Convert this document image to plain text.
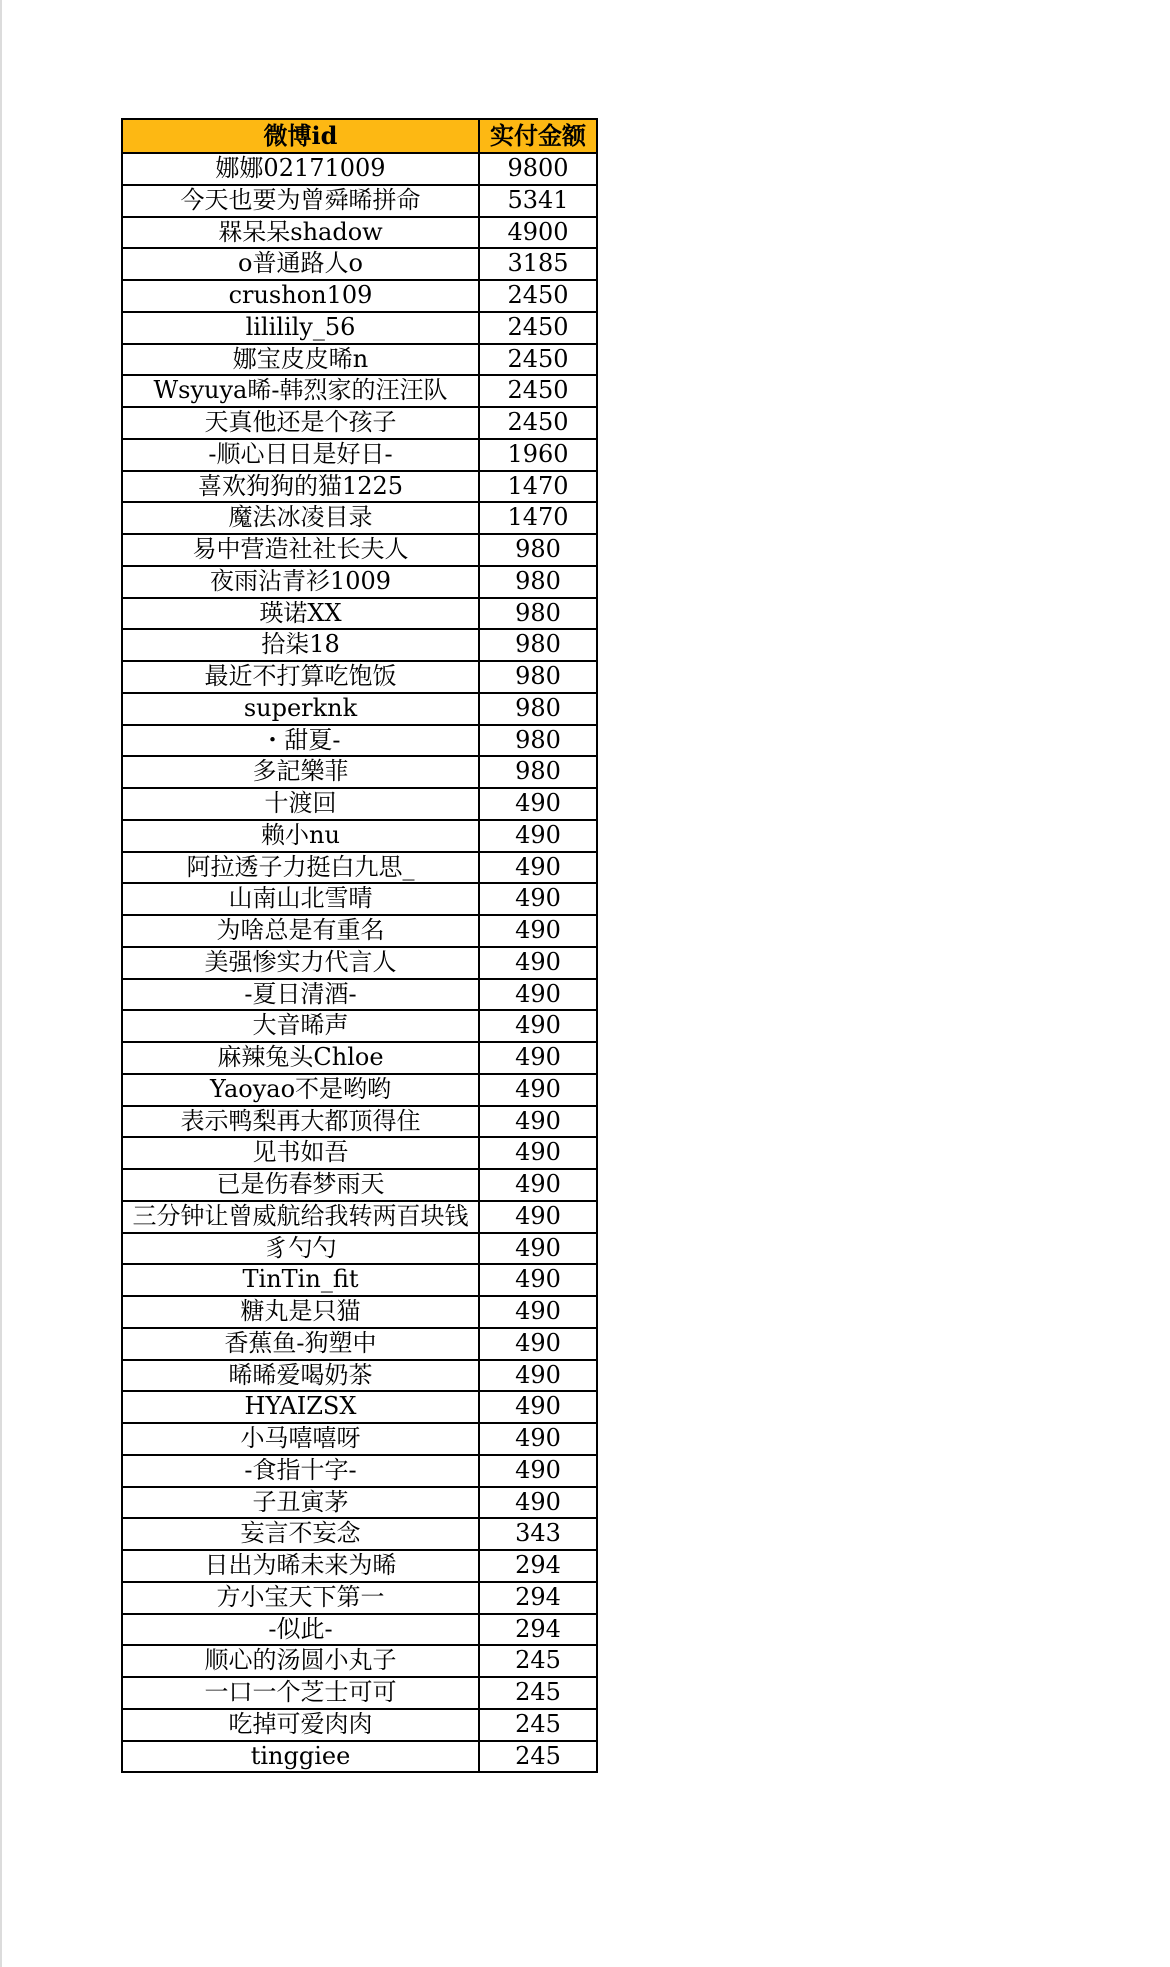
微博id	实付金额
娜娜02171009	9800
今天也要为曾舜晞拼命	5341
槑呆呆shadow	4900
o普通路人o	3185
crushon109	2450
lililily_56	2450
娜宝皮皮晞n	2450
Wsyuya晞-韩烈家的汪汪队	2450
天真他还是个孩子	2450
-顺心日日是好日-	1960
喜欢狗狗的猫1225	1470
魔法冰凌目录	1470
易中营造社社长夫人	980
夜雨沾青衫1009	980
瑛诺XX	980
拾柒18	980
最近不打算吃饱饭	980
superknk	980
・甜夏-	980
多記樂菲	980
十渡回	490
赖小nu	490
阿拉透子力挺白九思_	490
山南山北雪晴	490
为啥总是有重名	490
美强惨实力代言人	490
-夏日清酒-	490
大音晞声	490
麻辣兔头Chloe	490
Yaoyao不是哟哟	490
表示鸭梨再大都顶得住	490
见书如吾	490
已是伤春梦雨天	490
三分钟让曾威航给我转两百块钱	490
豸勺勺	490
TinTin_fit	490
糖丸是只猫	490
香蕉鱼-狗塑中	490
晞晞爱喝奶茶	490
HYAIZSX	490
小马嘻嘻呀	490
-食指十字-	490
子丑寅茅	490
妄言不妄念	343
日出为晞未来为晞	294
方小宝天下第一	294
-似此-	294
顺心的汤圆小丸子	245
一口一个芝士可可	245
吃掉可爱肉肉	245
tinggiee	245
